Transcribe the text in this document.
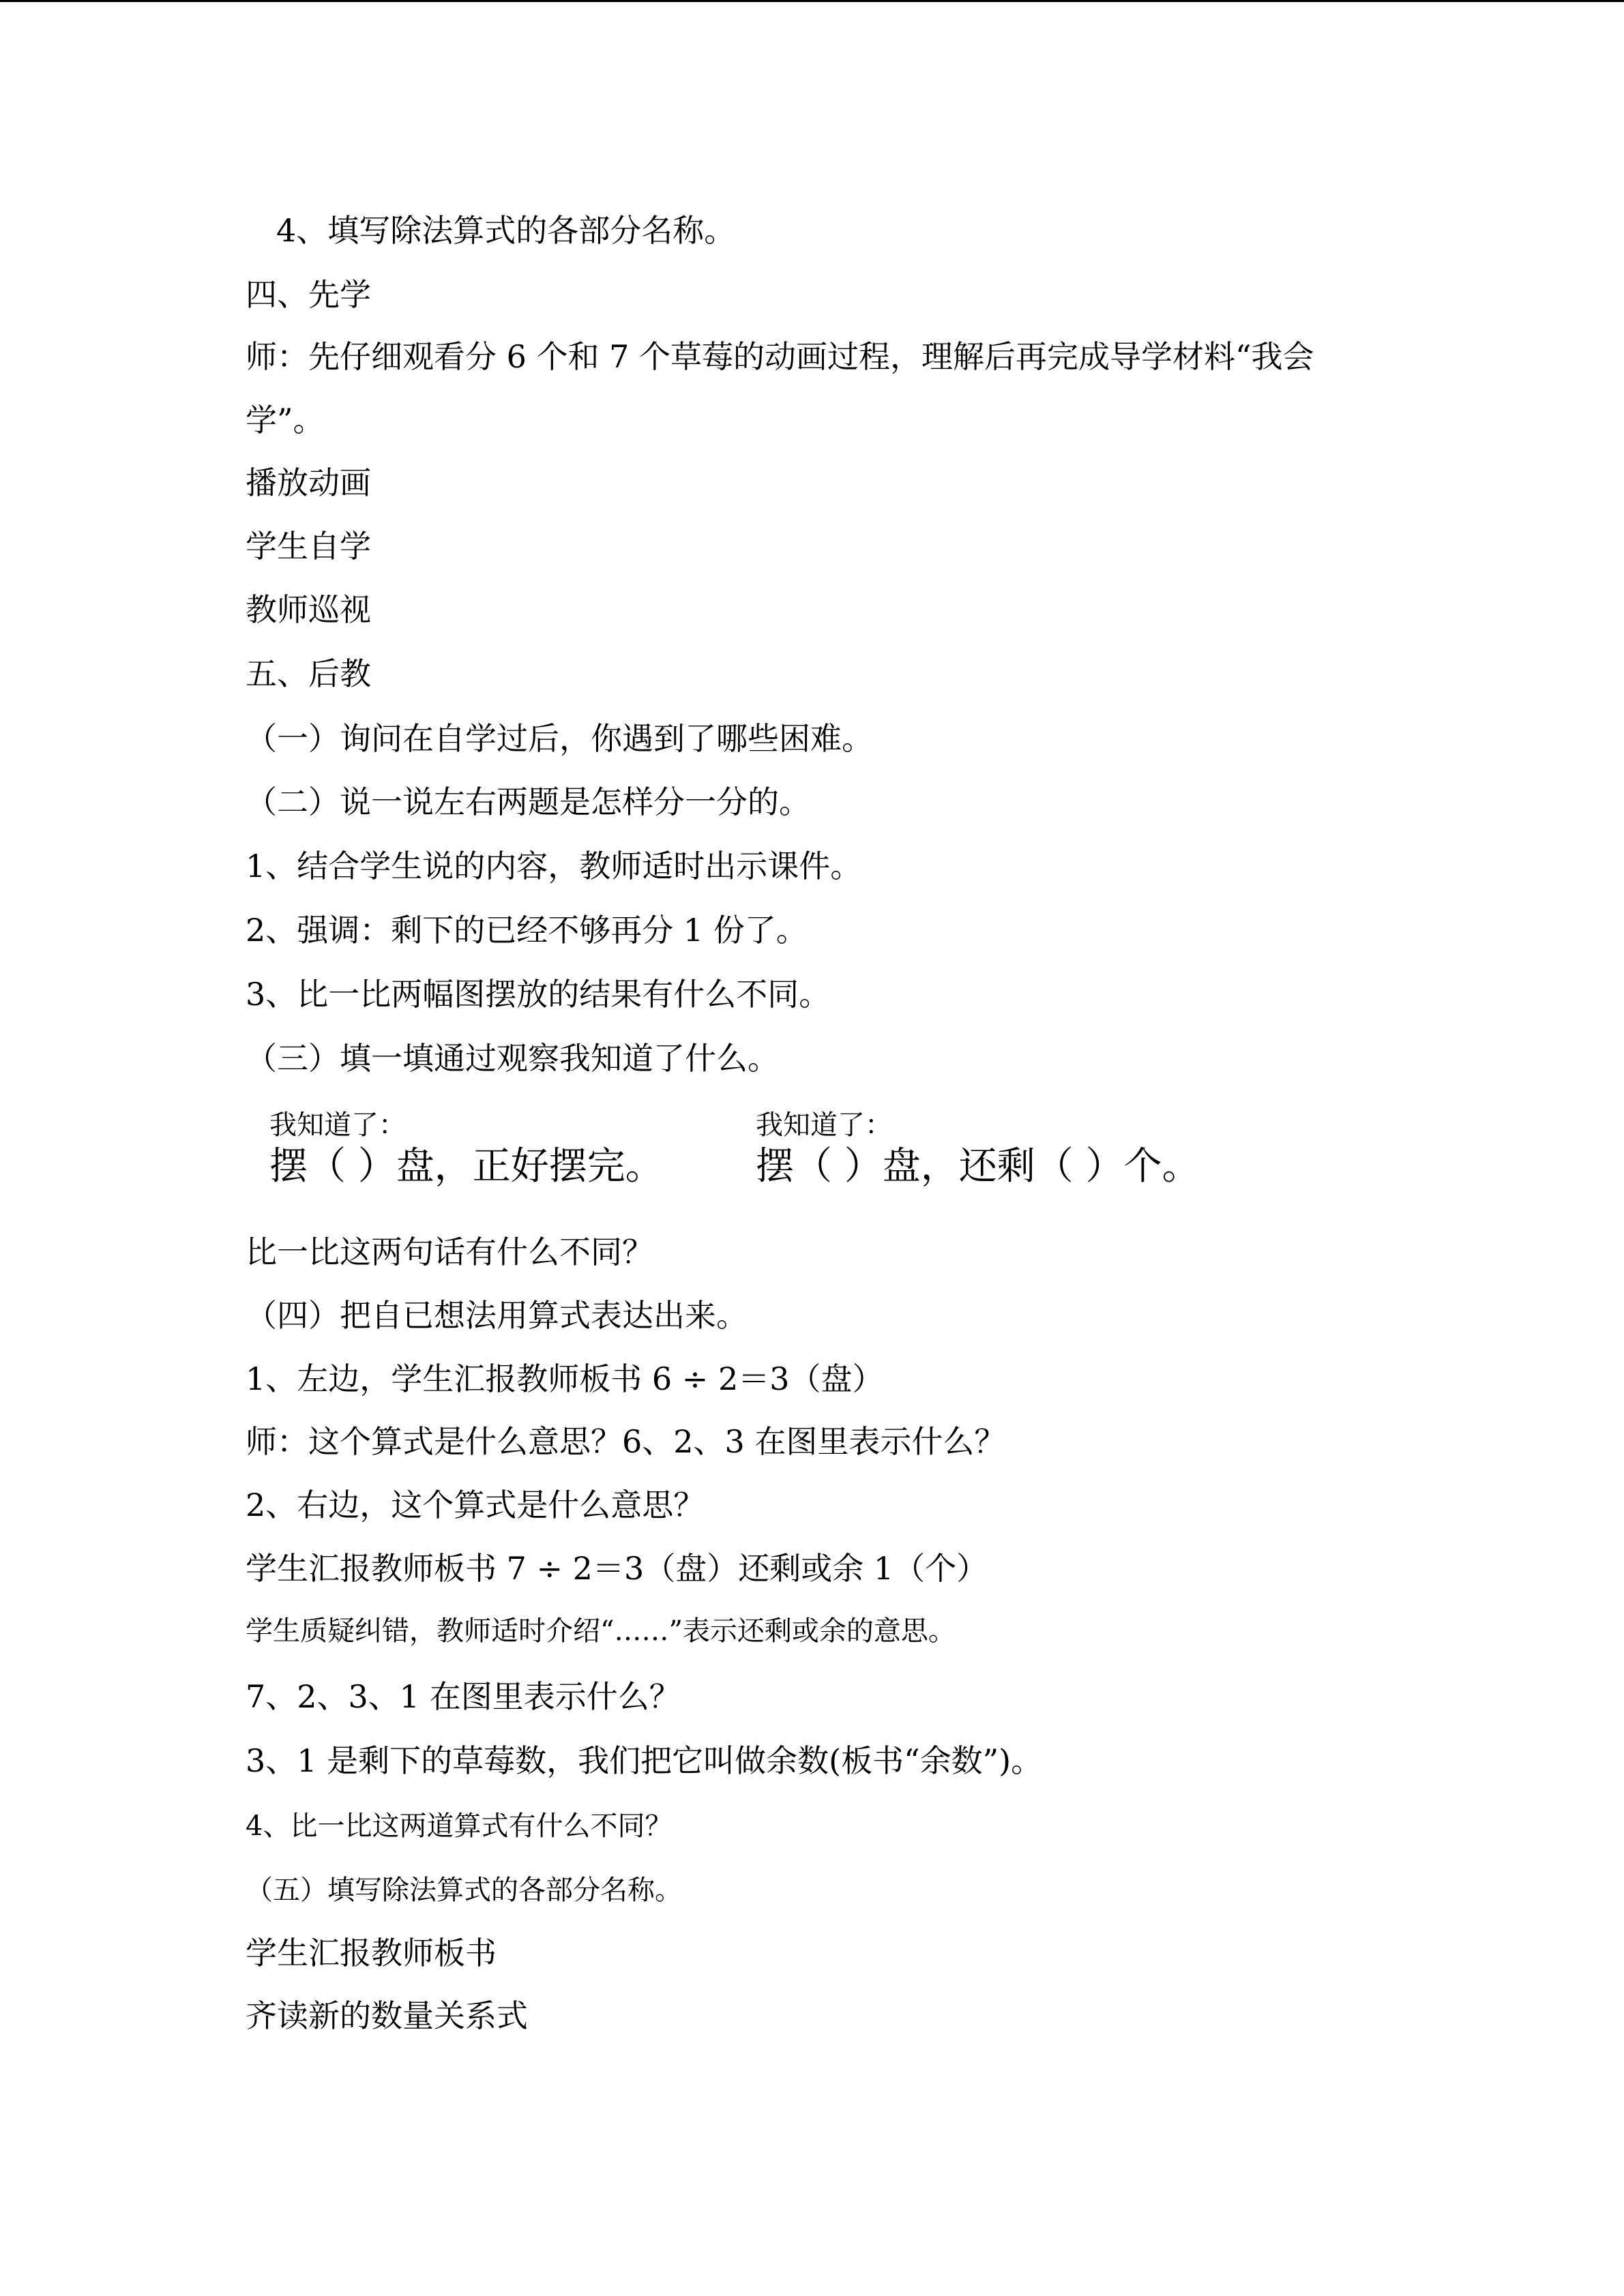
4、填写除法算式的各部分名称。
四、先学
师：先仔细观看分 6 个和 7 个草莓的动画过程，理解后再完成导学材料“我会
学”。
播放动画
学生自学
教师巡视
五、后教
（一）询问在自学过后，你遇到了哪些困难。
（二）说一说左右两题是怎样分一分的。
1、结合学生说的内容，教师适时出示课件。
2、强调：剩下的已经不够再分 1 份了。
3、比一比两幅图摆放的结果有什么不同。
（三）填一填通过观察我知道了什么。
我知道了：
摆（ ）盘，正好摆完。
我知道了：
摆（ ）盘，还剩（ ）个。
比一比这两句话有什么不同？
（四）把自已想法用算式表达出来。
1、左边，学生汇报教师板书 6 ÷ 2＝3（盘）
师：这个算式是什么意思？6、2、3 在图里表示什么？
2、右边，这个算式是什么意思？
学生汇报教师板书 7 ÷ 2＝3（盘）还剩或余 1（个）
学生质疑纠错，教师适时介绍“……”表示还剩或余的意思。
7、2、3、1 在图里表示什么？
3、1 是剩下的草莓数，我们把它叫做余数(板书“余数”)。
4、比一比这两道算式有什么不同？
（五）填写除法算式的各部分名称。
学生汇报教师板书
齐读新的数量关系式
